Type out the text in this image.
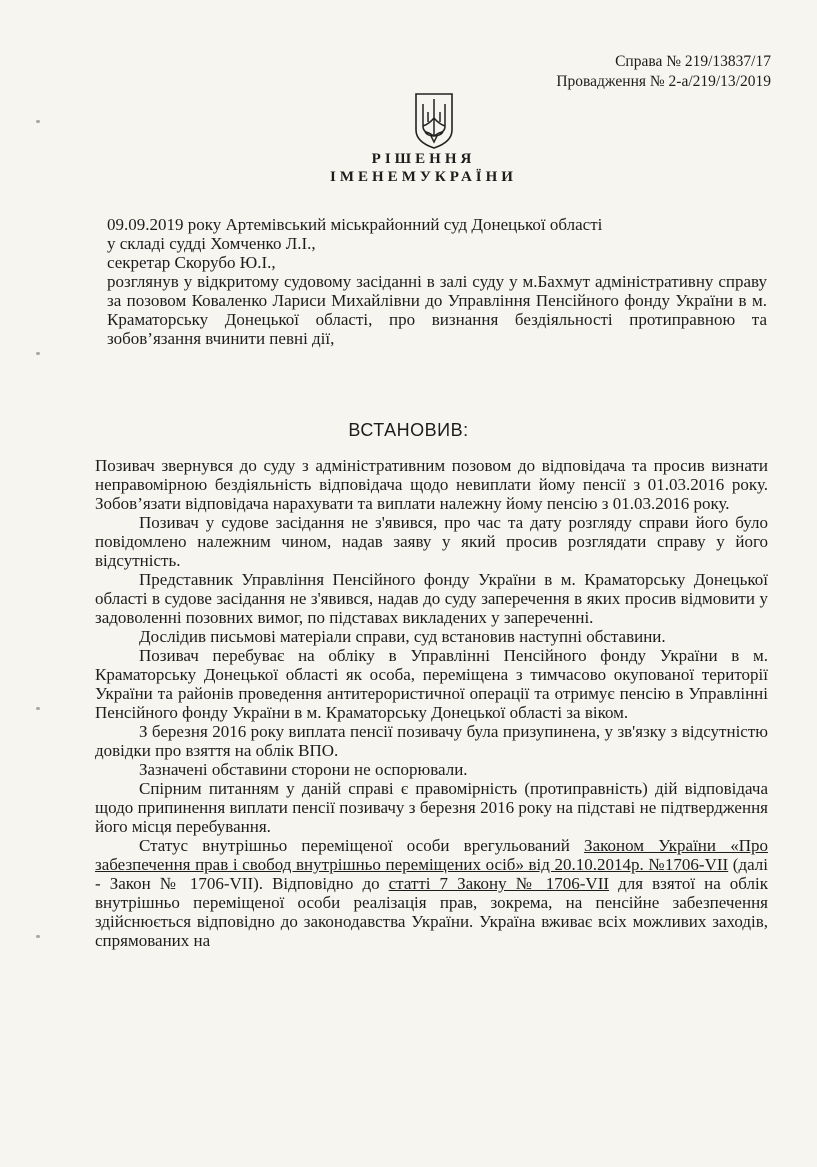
Справа № 219/13837/17
Провадження № 2-а/219/13/2019
РІШЕННЯ
ІМЕНЕМУКРАЇНИ
09.09.2019 року Артемівський міськрайонний суд Донецької області
у складі судді Хомченко Л.І.,
секретар Скорубо Ю.І.,
розглянув у відкритому судовому засіданні в залі суду у м.Бахмут адміністративну справу за позовом Коваленко Лариси Михайлівни до Управління Пенсійного фонду України в м. Краматорську Донецької області, про визнання бездіяльності протиправною та зобов’язання вчинити певні дії,
ВСТАНОВИВ:

Позивач звернувся до суду з адміністративним позовом до відповідача та просив визнати неправомірною бездіяльність відповідача щодо невиплати йому пенсії з 01.03.2016 року. Зобов’язати відповідача нарахувати та виплати належну йому пенсію з 01.03.2016 року.

Позивач у судове засідання не з'явився, про час та дату розгляду справи його було повідомлено належним чином, надав заяву у який просив розглядати справу у його відсутність.

Представник Управління Пенсійного фонду України в м. Краматорську Донецької області в судове засідання не з'явився, надав до суду заперечення в яких просив відмовити у задоволенні позовних вимог, по підставах викладених у запереченні.

Дослідив письмові матеріали справи, суд встановив наступні обставини.

Позивач перебуває на обліку в Управлінні Пенсійного фонду України в м. Краматорську Донецької області як особа, переміщена з тимчасово окупованої території України та районів проведення антитерористичної операції та отримує пенсію в Управлінні Пенсійного фонду України в м. Краматорську Донецької області за віком.

З березня 2016 року виплата пенсії позивачу була призупинена, у зв'язку з відсутністю довідки про взяття на облік ВПО.

Зазначені обставини сторони не оспорювали.

Спірним питанням у даній справі є правомірність (протиправність) дій відповідача щодо припинення виплати пенсії позивачу з березня 2016 року на підставі не підтвердження його місця перебування.

Статус внутрішньо переміщеної особи врегульований Законом України «Про забезпечення прав і свобод внутрішньо переміщених осіб» від 20.10.2014р. №1706-VII (далі - Закон № 1706-VII). Відповідно до статті 7 Закону № 1706-VII для взятої на облік внутрішньо переміщеної особи реалізація прав, зокрема, на пенсійне забезпечення здійснюється відповідно до законодавства України. Україна вживає всіх можливих заходів, спрямованих на
